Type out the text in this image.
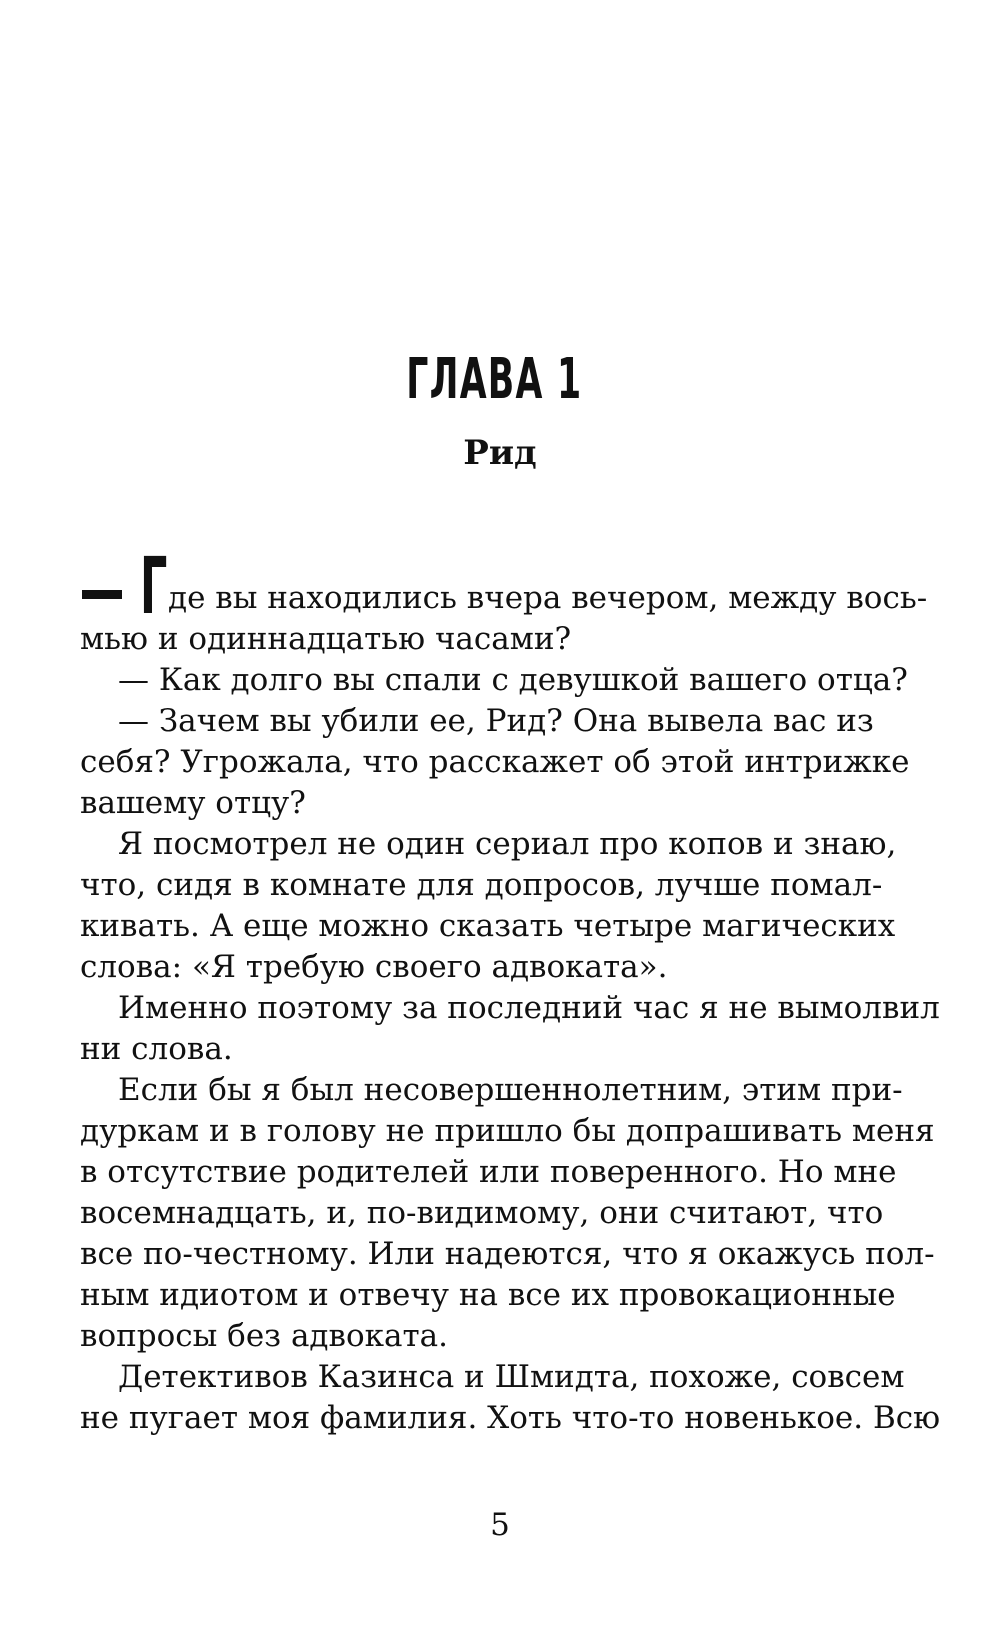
ГЛАВА 1
Рид
Г де вы находились вчера вечером, между вось-
мью и одиннадцатью часами?
— Как долго вы спали с девушкой вашего отца?
— Зачем вы убили ее, Рид? Она вывела вас из
себя? Угрожала, что расскажет об этой интрижке
вашему отцу?
Я посмотрел не один сериал про копов и знаю,
что, сидя в комнате для допросов, лучше помал-
кивать. А еще можно сказать четыре магических
слова: «Я требую своего адвоката».
Именно поэтому за последний час я не вымолвил
ни слова.
Если бы я был несовершеннолетним, этим при-
дуркам и в голову не пришло бы допрашивать меня
в отсутствие родителей или поверенного. Но мне
восемнадцать, и, по-видимому, они считают, что
все по-честному. Или надеются, что я окажусь пол-
ным идиотом и отвечу на все их провокационные
вопросы без адвоката.
Детективов Казинса и Шмидта, похоже, совсем
не пугает моя фамилия. Хоть что-то новенькое. Всю
5
